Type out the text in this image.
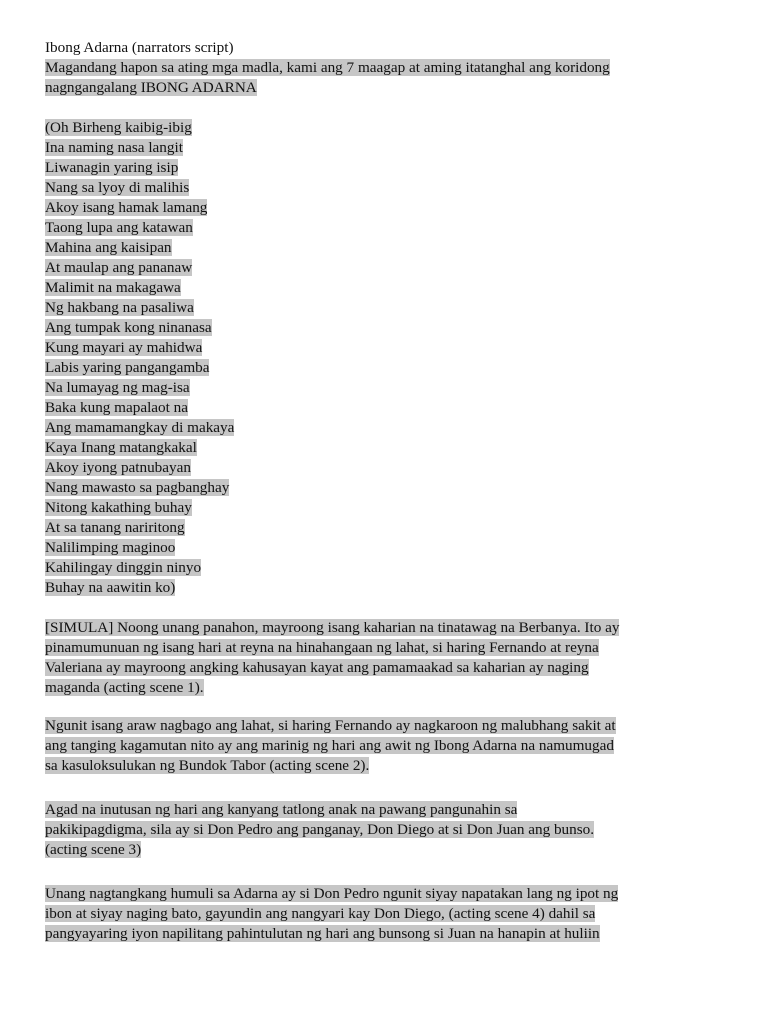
Ibong Adarna (narrators script)
Magandang hapon sa ating mga madla, kami ang 7 maagap at aming itatanghal ang koridong
nagngangalang IBONG ADARNA
(Oh Birheng kaibig-ibig
Ina naming nasa langit
Liwanagin yaring isip
Nang sa lyoy di malihis
Akoy isang hamak lamang
Taong lupa ang katawan
Mahina ang kaisipan
At maulap ang pananaw
Malimit na makagawa
Ng hakbang na pasaliwa
Ang tumpak kong ninanasa
Kung mayari ay mahidwa
Labis yaring pangangamba
Na lumayag ng mag-isa
Baka kung mapalaot na
Ang mamamangkay di makaya
Kaya Inang matangkakal
Akoy iyong patnubayan
Nang mawasto sa pagbanghay
Nitong kakathing buhay
At sa tanang nariritong
Nalilimping maginoo
Kahilingay dinggin ninyo
Buhay na aawitin ko)
[SIMULA] Noong unang panahon, mayroong isang kaharian na tinatawag na Berbanya. Ito ay
pinamumunuan ng isang hari at reyna na hinahangaan ng lahat, si haring Fernando at reyna
Valeriana ay mayroong angking kahusayan kayat ang pamamaakad sa kaharian ay naging
maganda (acting scene 1).
Ngunit isang araw nagbago ang lahat, si haring Fernando ay nagkaroon ng malubhang sakit at
ang tanging kagamutan nito ay ang marinig ng hari ang awit ng Ibong Adarna na namumugad
sa kasuloksulukan ng Bundok Tabor (acting scene 2).
Agad na inutusan ng hari ang kanyang tatlong anak na pawang pangunahin sa
pakikipagdigma, sila ay si Don Pedro ang panganay, Don Diego at si Don Juan ang bunso.
(acting scene 3)
Unang nagtangkang humuli sa Adarna ay si Don Pedro ngunit siyay napatakan lang ng ipot ng
ibon at siyay naging bato, gayundin ang nangyari kay Don Diego, (acting scene 4) dahil sa
pangyayaring iyon napilitang pahintulutan ng hari ang bunsong si Juan na hanapin at huliin
